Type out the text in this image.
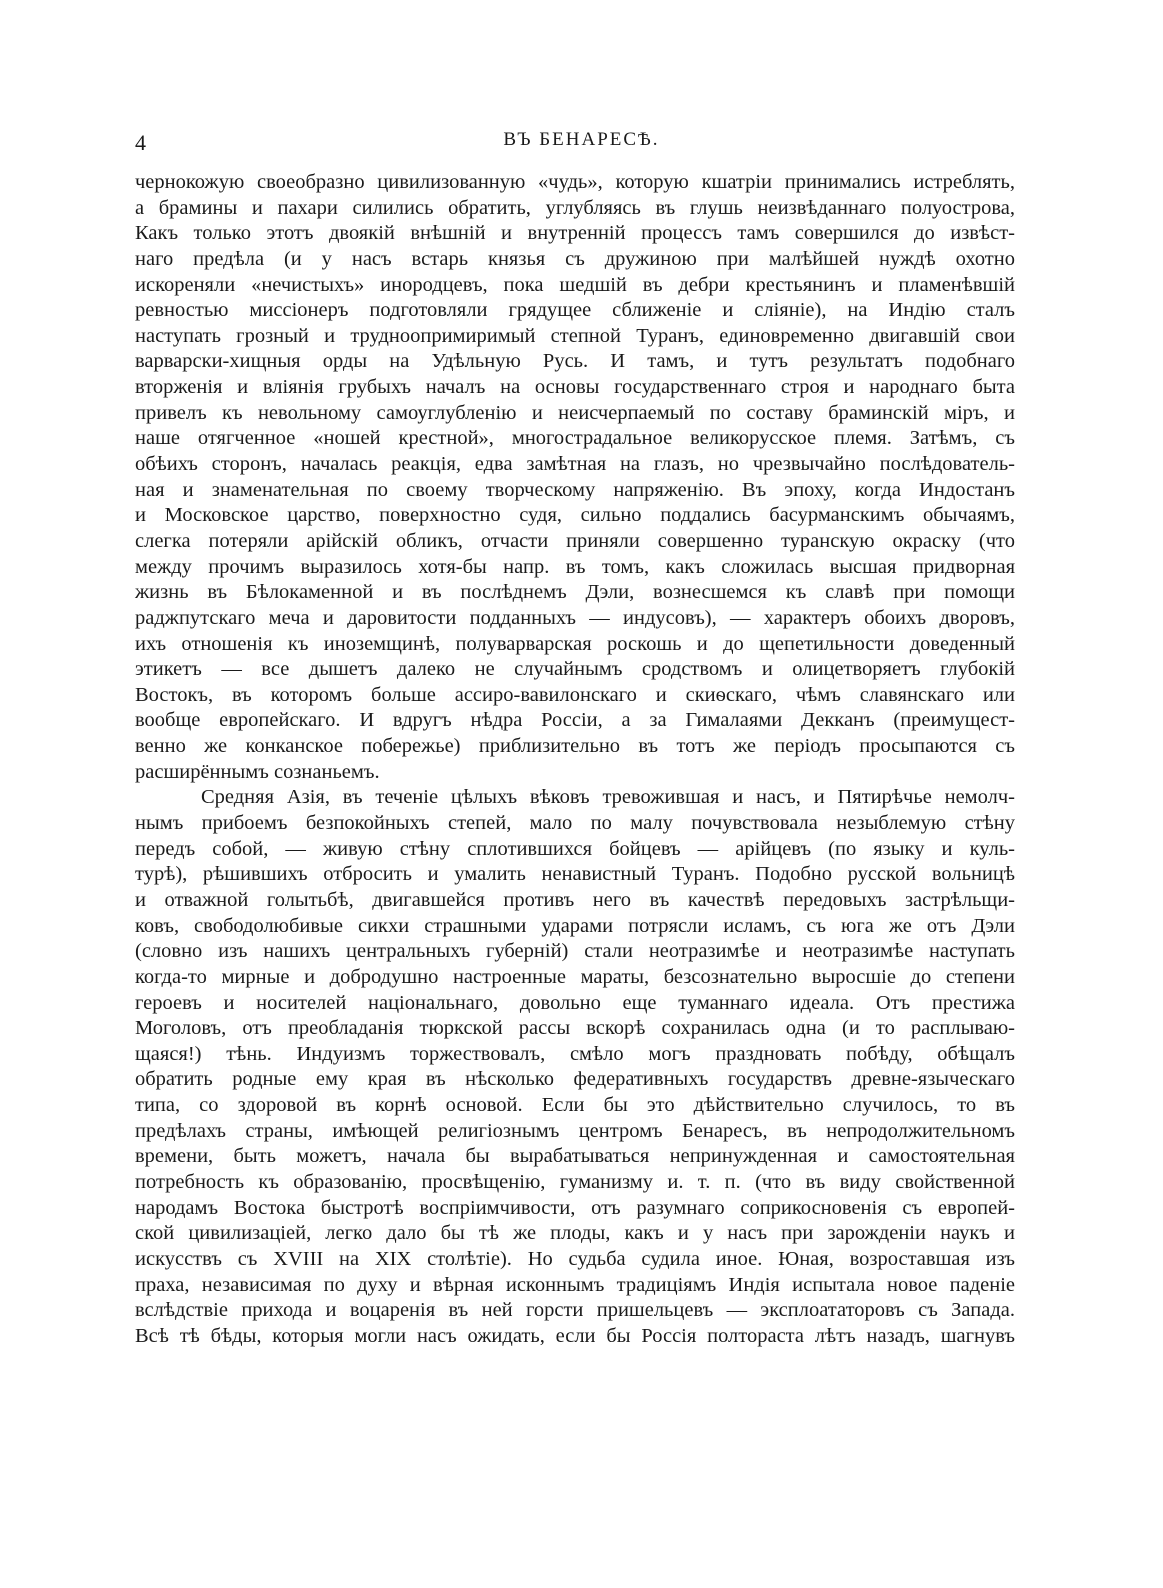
4	ВЪ БЕНАРЕСѢ.
чернокожую своеобразно цивилизованную «чудь», которую кшатріи принимались истреблять,
а брамины и пахари силились обратить, углубляясь въ глушь неизвѣданнаго полуострова,
Какъ только этотъ двоякій внѣшній и внутренній процессъ тамъ совершился до извѣст-
наго предѣла (и у насъ встарь князья съ дружиною при малѣйшей нуждѣ охотно
искореняли «нечистыхъ» инородцевъ, пока шедшій въ дебри крестьянинъ и пламенѣвшій
ревностью миссіонеръ подготовляли грядущее сближеніе и сліяніе), на Индію сталъ
наступать грозный и трудноопримиримый степной Туранъ, единовременно двигавшій свои
варварски-хищныя орды на Удѣльную Русь. И тамъ, и тутъ результатъ подобнаго
вторженія и вліянія грубыхъ началъ на основы государственнаго строя и народнаго быта
привелъ къ невольному самоуглубленію и неисчерпаемый по составу браминскій міръ, и
наше отягченное «ношей крестной», многострадальное великорусское племя. Затѣмъ, съ
обѣихъ сторонъ, началась реакція, едва замѣтная на глазъ, но чрезвычайно послѣдователь-
ная и знаменательная по своему творческому напряженію. Въ эпоху, когда Индостанъ
и Московское царство, поверхностно судя, сильно поддались басурманскимъ обычаямъ,
слегка потеряли арійскій обликъ, отчасти приняли совершенно туранскую окраску (что
между прочимъ выразилось хотя-бы напр. въ томъ, какъ сложилась высшая придворная
жизнь въ Бѣлокаменной и въ послѣднемъ Дэли, вознесшемся къ славѣ при помощи
раджпутскаго меча и даровитости подданныхъ — индусовъ), — характеръ обоихъ дворовъ,
ихъ отношенія къ иноземщинѣ, полуварварская роскошь и до щепетильности доведенный
этикетъ — все дышетъ далеко не случайнымъ сродствомъ и олицетворяетъ глубокій
Востокъ, въ которомъ больше ассиро-вавилонскаго и скиѳскаго, чѣмъ славянскаго или
вообще европейскаго. И вдругъ нѣдра Россіи, а за Гималаями Декканъ (преимущест-
венно же конканское побережье) приблизительно въ тотъ же періодъ просыпаются съ
расширённымъ сознаньемъ.
Средняя Азія, въ теченіе цѣлыхъ вѣковъ тревожившая и насъ, и Пятирѣчье немолч-
нымъ прибоемъ безпокойныхъ степей, мало по малу почувствовала незыблемую стѣну
передъ собой, — живую стѣну сплотившихся бойцевъ — арійцевъ (по языку и куль-
турѣ), рѣшившихъ отбросить и умалить ненавистный Туранъ. Подобно русской вольницѣ
и отважной голытьбѣ, двигавшейся противъ него въ качествѣ передовыхъ застрѣльщи-
ковъ, свободолюбивые сикхи страшными ударами потрясли исламъ, съ юга же отъ Дэли
(словно изъ нашихъ центральныхъ губерній) стали неотразимѣе и неотразимѣе наступать
когда-то мирные и добродушно настроенные мараты, безсознательно выросшіе до степени
героевъ и носителей національнаго, довольно еще туманнаго идеала. Отъ престижа
Моголовъ, отъ преобладанія тюркской рассы вскорѣ сохранилась одна (и то расплываю-
щаяся!) тѣнь. Индуизмъ торжествовалъ, смѣло могъ праздновать побѣду, обѣщалъ
обратить родные ему края въ нѣсколько федеративныхъ государствъ древне-языческаго
типа, со здоровой въ корнѣ основой. Если бы это дѣйствительно случилось, то въ
предѣлахъ страны, имѣющей религіознымъ центромъ Бенаресъ, въ непродолжительномъ
времени, быть можетъ, начала бы вырабатываться непринужденная и самостоятельная
потребность къ образованію, просвѣщенію, гуманизму и. т. п. (что въ виду свойственной
народамъ Востока быстротѣ воспріимчивости, отъ разумнаго соприкосновенія съ европей-
ской цивилизаціей, легко дало бы тѣ же плоды, какъ и у насъ при зарожденіи наукъ и
искусствъ съ XVIII на XIX столѣтіе). Но судьба судила иное. Юная, возроставшая изъ
праха, независимая по духу и вѣрная исконнымъ традиціямъ Индія испытала новое паденіе
вслѣдствіе прихода и воцаренія въ ней горсти пришельцевъ — эксплоататоровъ съ Запада.
Всѣ тѣ бѣды, которыя могли насъ ожидать, если бы Россія полтораста лѣтъ назадъ, шагнувъ
